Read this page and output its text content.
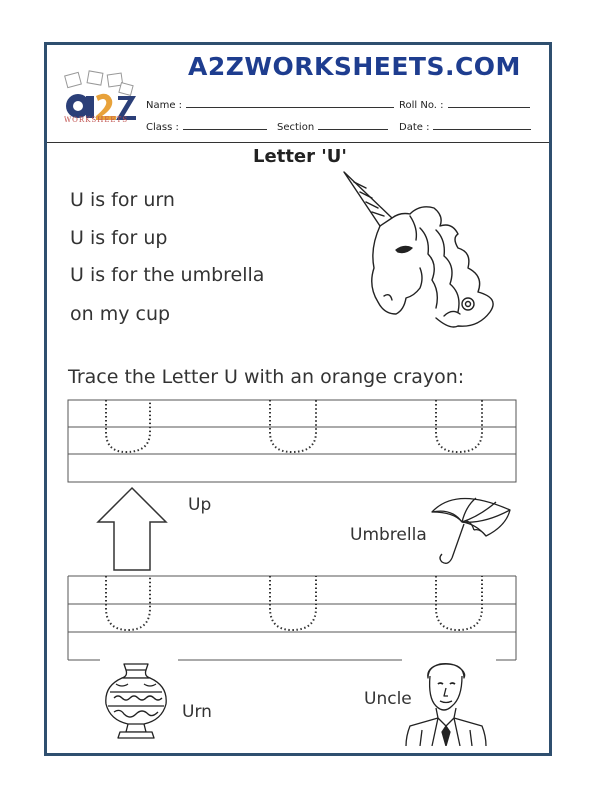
A2ZWORKSHEETS.COM
WORKSHEETS
Name :	Roll No. :
Class :	Section	Date :
Letter 'U'
U is for urn
U is for up
U is for the umbrella
on my cup
Trace the Letter U with an orange crayon:
Up
Umbrella
Urn
Uncle
